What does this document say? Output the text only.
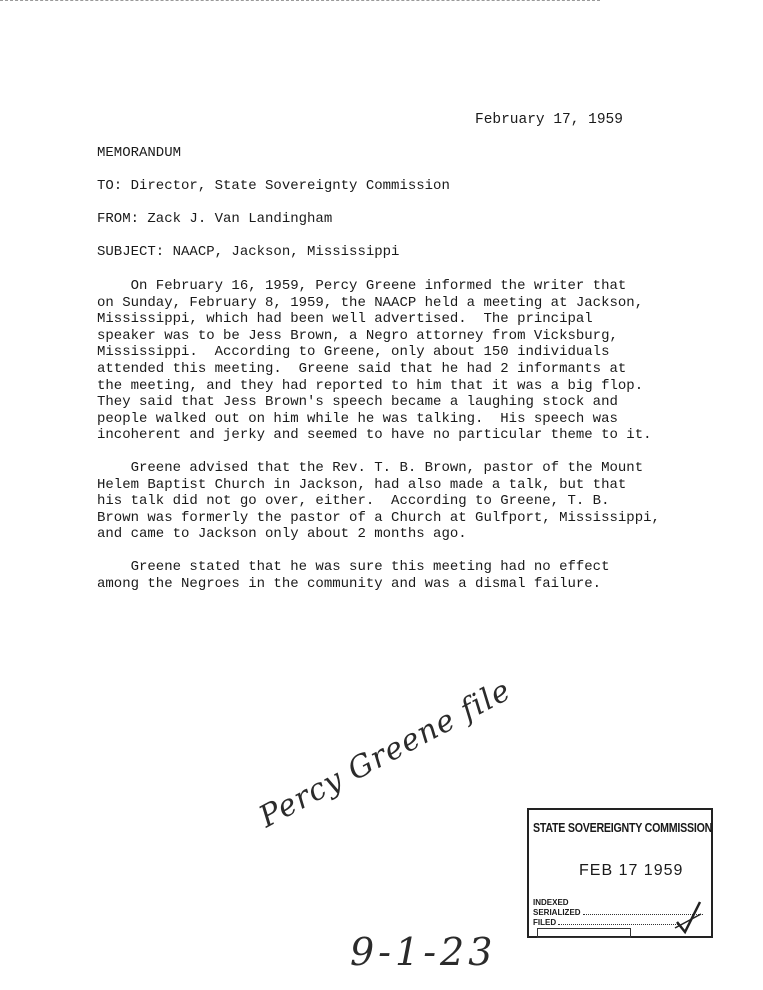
February 17, 1959
MEMORANDUM
TO: Director, State Sovereignty Commission
FROM: Zack J. Van Landingham
SUBJECT: NAACP, Jackson, Mississippi
On February 16, 1959, Percy Greene informed the writer that
on Sunday, February 8, 1959, the NAACP held a meeting at Jackson,
Mississippi, which had been well advertised.  The principal
speaker was to be Jess Brown, a Negro attorney from Vicksburg,
Mississippi.  According to Greene, only about 150 individuals
attended this meeting.  Greene said that he had 2 informants at
the meeting, and they had reported to him that it was a big flop.
They said that Jess Brown's speech became a laughing stock and
people walked out on him while he was talking.  His speech was
incoherent and jerky and seemed to have no particular theme to it.
Greene advised that the Rev. T. B. Brown, pastor of the Mount
Helem Baptist Church in Jackson, had also made a talk, but that
his talk did not go over, either.  According to Greene, T. B.
Brown was formerly the pastor of a Church at Gulfport, Mississippi,
and came to Jackson only about 2 months ago.
Greene stated that he was sure this meeting had no effect
among the Negroes in the community and was a dismal failure.
Percy Greene file
9-1-23
STATE SOVEREIGNTY COMMISSION
FEB 17 1959
INDEXED
SERIALIZED
FILED
